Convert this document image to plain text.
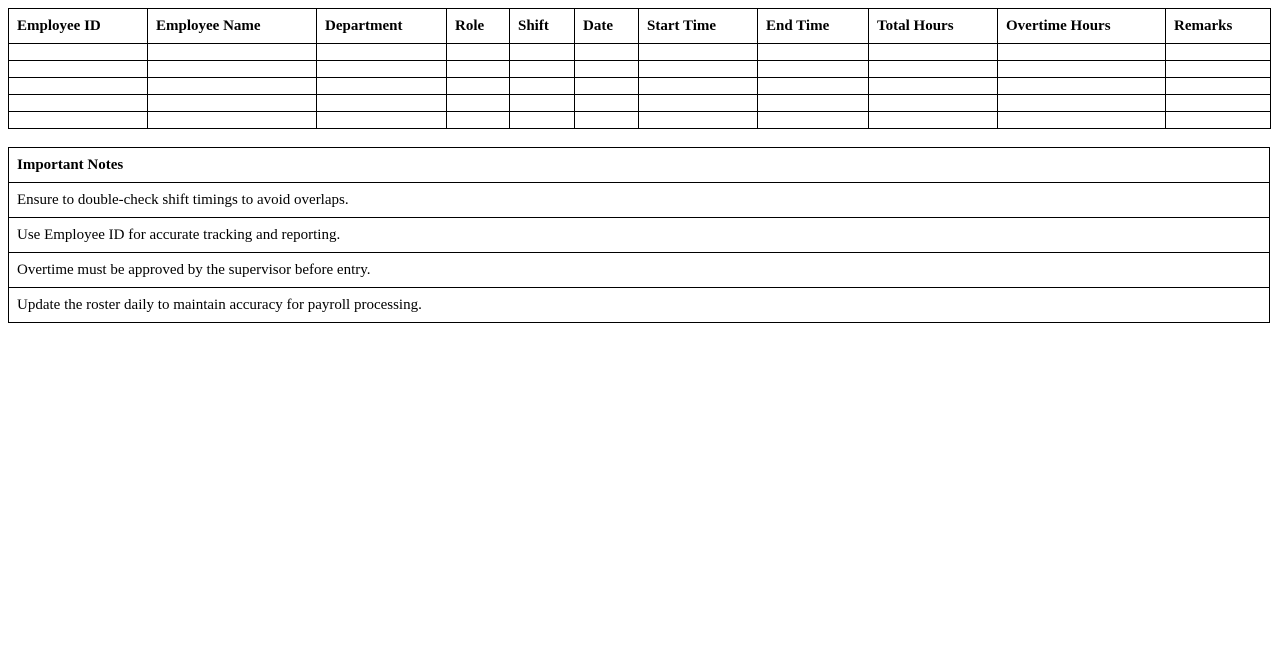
Employee ID	Employee Name	Department	Role	Shift	Date	Start Time	End Time	Total Hours	Overtime Hours	Remarks

Important Notes
Ensure to double-check shift timings to avoid overlaps.
Use Employee ID for accurate tracking and reporting.
Overtime must be approved by the supervisor before entry.
Update the roster daily to maintain accuracy for payroll processing.
